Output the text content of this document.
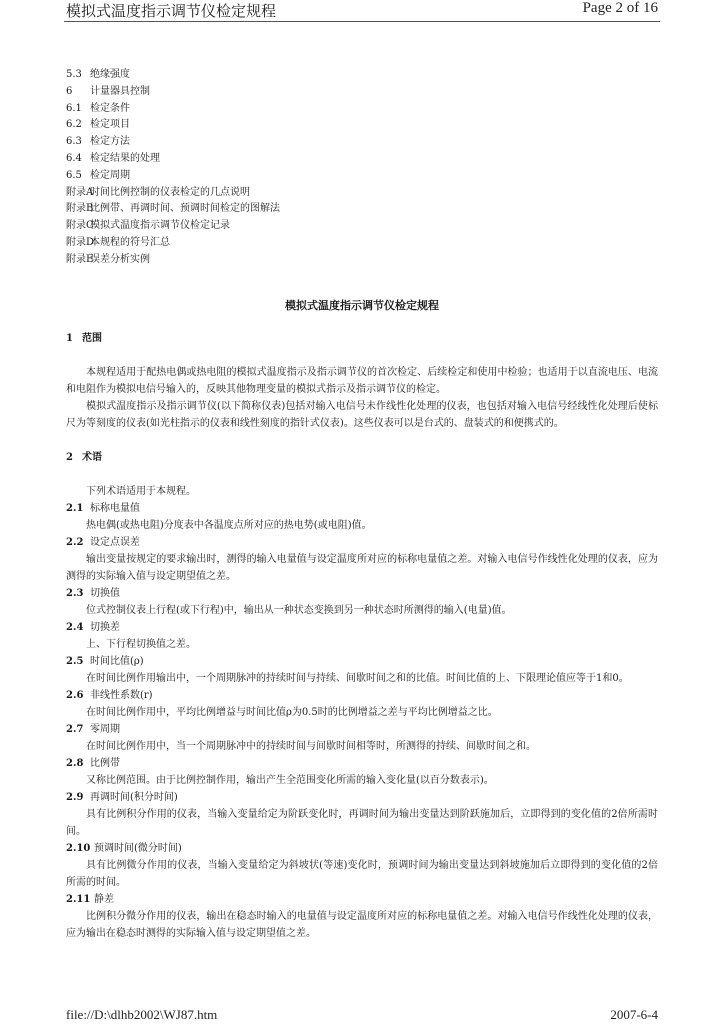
模拟式温度指示调节仪检定规程	Page 2 of 16
5.3 绝缘强度
6 计量器具控制
6.1 检定条件
6.2 检定项目
6.3 检定方法
6.4 检定结果的处理
6.5 检定周期
附录A时间比例控制的仪表检定的几点说明
附录B比例带、再调时间、预调时间检定的图解法
附录C模拟式温度指示调节仪检定记录
附录D本规程的符号汇总
附录E误差分析实例
模拟式温度指示调节仪检定规程

1 范围

本规程适用于配热电偶或热电阻的模拟式温度指示及指示调节仪的首次检定、后续检定和使用中检验；也适用于以直流电压、电流和电阻作为模拟电信号输入的，反映其他物理变量的模拟式指示及指示调节仪的检定。

模拟式温度指示及指示调节仪(以下简称仪表)包括对输入电信号未作线性化处理的仪表，也包括对输入电信号经线性化处理后使标尺为等刻度的仪表(如光柱指示的仪表和线性刻度的指针式仪表)。这些仪表可以是台式的、盘装式的和便携式的。

2 术语

下列术语适用于本规程。

2.1 标称电量值

热电偶(或热电阻)分度表中各温度点所对应的热电势(或电阻)值。

2.2 设定点误差

输出变量按规定的要求输出时，测得的输入电量值与设定温度所对应的标称电量值之差。对输入电信号作线性化处理的仪表，应为测得的实际输入值与设定期望值之差。

2.3 切换值

位式控制仪表上行程(或下行程)中，输出从一种状态变换到另一种状态时所测得的输入(电量)值。

2.4 切换差

上、下行程切换值之差。

2.5 时间比值(ρ)

在时间比例作用输出中，一个周期脉冲的持续时间与持续、间歇时间之和的比值。时间比值的上、下限理论值应等于1和0。

2.6 非线性系数(r)

在时间比例作用中，平均比例增益与时间比值ρ为0.5时的比例增益之差与平均比例增益之比。

2.7 零周期

在时间比例作用中，当一个周期脉冲中的持续时间与间歇时间相等时，所测得的持续、间歇时间之和。

2.8 比例带

又称比例范围。由于比例控制作用，输出产生全范围变化所需的输入变化量(以百分数表示)。

2.9 再调时间(积分时间)

具有比例积分作用的仪表，当输入变量给定为阶跃变化时，再调时间为输出变量达到阶跃施加后，立即得到的变化值的2倍所需时间。

2.10 预调时间(微分时间)

具有比例微分作用的仪表，当输入变量给定为斜坡状(等速)变化时，预调时间为输出变量达到斜坡施加后立即得到的变化值的2倍所需的时间。

2.11 静差

比例积分微分作用的仪表，输出在稳态时输入的电量值与设定温度所对应的标称电量值之差。对输入电信号作线性化处理的仪表，应为输出在稳态时测得的实际输入值与设定期望值之差。

file://D:\dlhb2002\WJ87.htm	2007-6-4
